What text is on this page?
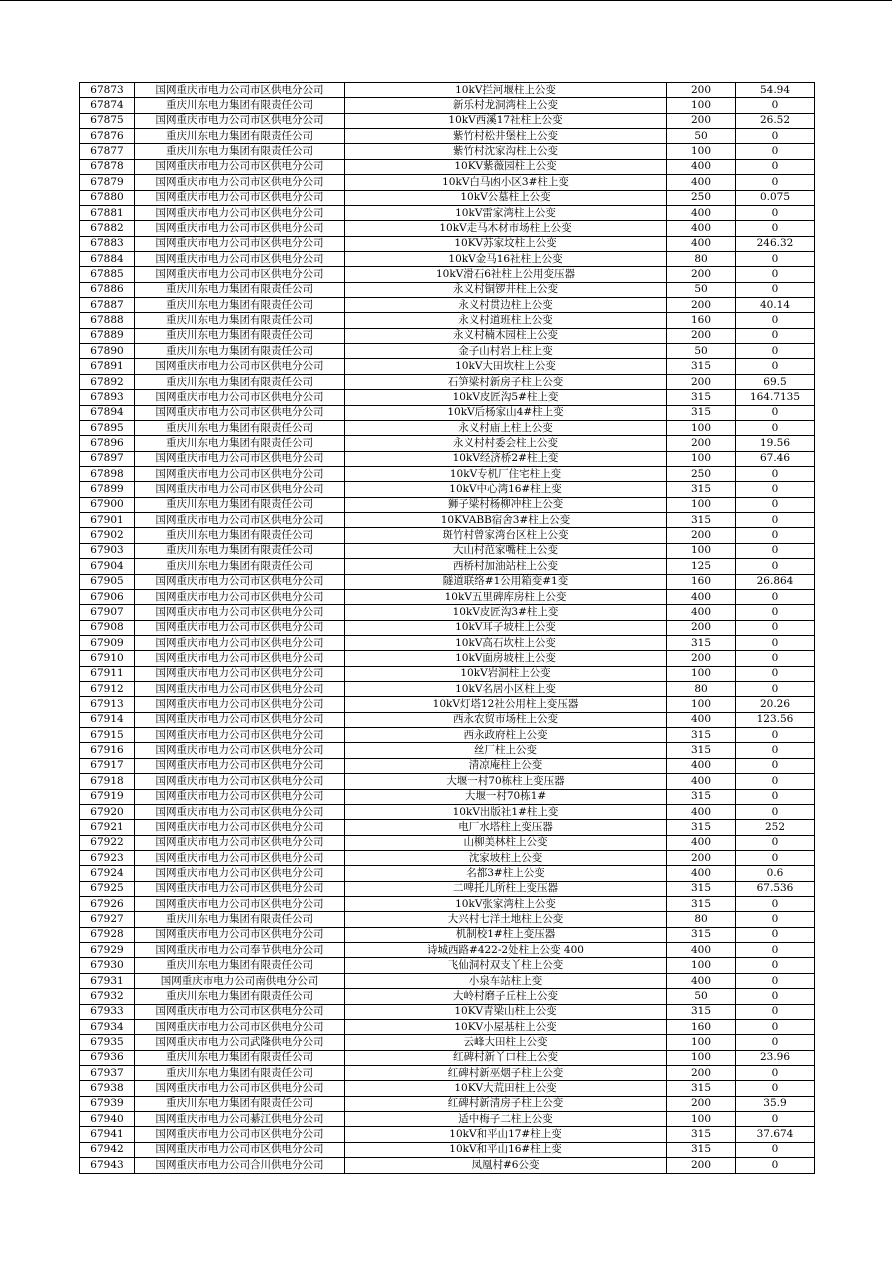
67873	国网重庆市电力公司市区供电分公司	10kV拦河堰柱上公变	200	54.94
67874	重庆川东电力集团有限责任公司	新乐村龙洞湾柱上公变	100	0
67875	国网重庆市电力公司市区供电分公司	10kV西溪17社柱上公变	200	26.52
67876	重庆川东电力集团有限责任公司	紫竹村松井堡柱上公变	50	0
67877	重庆川东电力集团有限责任公司	紫竹村沈家沟柱上公变	100	0
67878	国网重庆市电力公司市区供电分公司	10KV紫薇园柱上公变	400	0
67879	国网重庆市电力公司市区供电分公司	10kV白马凼小区3#柱上变	400	0
67880	国网重庆市电力公司市区供电分公司	10kV公墓柱上公变	250	0.075
67881	国网重庆市电力公司市区供电分公司	10kV雷家湾柱上公变	400	0
67882	国网重庆市电力公司市区供电分公司	10kV走马木材市场柱上公变	400	0
67883	国网重庆市电力公司市区供电分公司	10KV苏家坟柱上公变	400	246.32
67884	国网重庆市电力公司市区供电分公司	10kV金马16社柱上公变	80	0
67885	国网重庆市电力公司市区供电分公司	10kV滑石6社柱上公用变压器	200	0
67886	重庆川东电力集团有限责任公司	永义村铜锣井柱上公变	50	0
67887	重庆川东电力集团有限责任公司	永义村贯边柱上公变	200	40.14
67888	重庆川东电力集团有限责任公司	永义村道班柱上公变	160	0
67889	重庆川东电力集团有限责任公司	永义村楠木园柱上公变	200	0
67890	重庆川东电力集团有限责任公司	金子山村岩上柱上变	50	0
67891	国网重庆市电力公司市区供电分公司	10kV大田坎柱上公变	315	0
67892	重庆川东电力集团有限责任公司	石笋梁村新房子柱上公变	200	69.5
67893	国网重庆市电力公司市区供电分公司	10kV皮匠沟5#柱上变	315	164.7135
67894	国网重庆市电力公司市区供电分公司	10kV后杨家山4#柱上变	315	0
67895	重庆川东电力集团有限责任公司	永义村庙上柱上公变	100	0
67896	重庆川东电力集团有限责任公司	永义村村委会柱上公变	200	19.56
67897	国网重庆市电力公司市区供电分公司	10kV经济桥2#柱上变	100	67.46
67898	国网重庆市电力公司市区供电分公司	10kV专机厂住宅柱上变	250	0
67899	国网重庆市电力公司市区供电分公司	10kV中心湾16#柱上变	315	0
67900	重庆川东电力集团有限责任公司	狮子梁村杨柳冲柱上公变	100	0
67901	国网重庆市电力公司市区供电分公司	10KVABB宿舍3#柱上公变	315	0
67902	重庆川东电力集团有限责任公司	斑竹村曾家湾台区柱上公变	200	0
67903	重庆川东电力集团有限责任公司	大山村范家嘴柱上公变	100	0
67904	重庆川东电力集团有限责任公司	西桥村加油站柱上公变	125	0
67905	国网重庆市电力公司市区供电分公司	隧道联络#1公用箱变#1变	160	26.864
67906	国网重庆市电力公司市区供电分公司	10kV五里碑库房柱上公变	400	0
67907	国网重庆市电力公司市区供电分公司	10kV皮匠沟3#柱上变	400	0
67908	国网重庆市电力公司市区供电分公司	10kV耳子坡柱上公变	200	0
67909	国网重庆市电力公司市区供电分公司	10kV高石坎柱上公变	315	0
67910	国网重庆市电力公司市区供电分公司	10kV面房坡柱上公变	200	0
67911	国网重庆市电力公司市区供电分公司	10kV岩洞柱上公变	100	0
67912	国网重庆市电力公司市区供电分公司	10kV名居小区柱上变	80	0
67913	国网重庆市电力公司市区供电分公司	10kV灯塔12社公用柱上变压器	100	20.26
67914	国网重庆市电力公司市区供电分公司	西永农贸市场柱上公变	400	123.56
67915	国网重庆市电力公司市区供电分公司	西永政府柱上公变	315	0
67916	国网重庆市电力公司市区供电分公司	丝厂柱上公变	315	0
67917	国网重庆市电力公司市区供电分公司	清凉庵柱上公变	400	0
67918	国网重庆市电力公司市区供电分公司	大堰一村70栋柱上变压器	400	0
67919	国网重庆市电力公司市区供电分公司	大堰一村70栋1#	315	0
67920	国网重庆市电力公司市区供电分公司	10kV出版社1#柱上变	400	0
67921	国网重庆市电力公司市区供电分公司	电厂水塔柱上变压器	315	252
67922	国网重庆市电力公司市区供电分公司	山柳美林柱上公变	400	0
67923	国网重庆市电力公司市区供电分公司	沈家坡柱上公变	200	0
67924	国网重庆市电力公司市区供电分公司	名都3#柱上公变	400	0.6
67925	国网重庆市电力公司市区供电分公司	二啤托儿所柱上变压器	315	67.536
67926	国网重庆市电力公司市区供电分公司	10kV张家湾柱上公变	315	0
67927	重庆川东电力集团有限责任公司	大兴村七洋土地柱上公变	80	0
67928	国网重庆市电力公司市区供电分公司	机制校1#柱上变压器	315	0
67929	国网重庆市电力公司奉节供电分公司	诗城西路#422-2处柱上公变 400	400	0
67930	重庆川东电力集团有限责任公司	飞仙洞村双支丫柱上公变	100	0
67931	国网重庆市电力公司南供电分公司	小泉车站柱上变	400	0
67932	重庆川东电力集团有限责任公司	大岭村磨子丘柱上公变	50	0
67933	国网重庆市电力公司市区供电分公司	10KV青梁山柱上公变	315	0
67934	国网重庆市电力公司市区供电分公司	10KV小屋基柱上公变	160	0
67935	国网重庆市电力公司武隆供电分公司	云峰大田柱上公变	100	0
67936	重庆川东电力集团有限责任公司	红碑村新丫口柱上公变	100	23.96
67937	重庆川东电力集团有限责任公司	红碑村新巫烟子柱上公变	200	0
67938	国网重庆市电力公司市区供电分公司	10KV大荒田柱上公变	315	0
67939	重庆川东电力集团有限责任公司	红碑村新清房子柱上公变	200	35.9
67940	国网重庆市电力公司綦江供电分公司	适中梅子二柱上公变	100	0
67941	国网重庆市电力公司市区供电分公司	10kV和平山17#柱上变	315	37.674
67942	国网重庆市电力公司市区供电分公司	10kV和平山16#柱上变	315	0
67943	国网重庆市电力公司合川供电分公司	凤凰村#6公变	200	0
